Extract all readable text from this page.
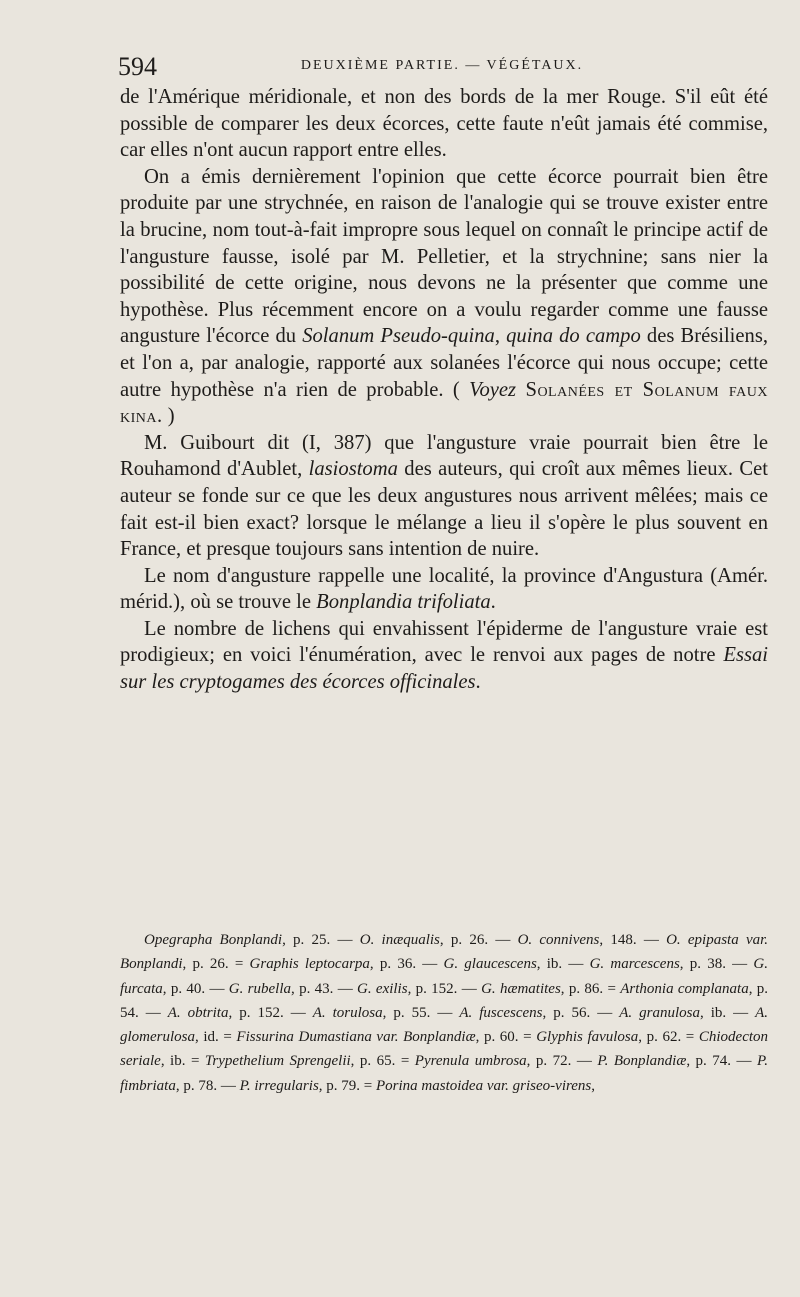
594	DEUXIÈME PARTIE. — VÉGÉTAUX.

de l'Amérique méridionale, et non des bords de la mer Rouge. S'il eût été possible de comparer les deux écorces, cette faute n'eût jamais été commise, car elles n'ont aucun rapport entre elles.

On a émis dernièrement l'opinion que cette écorce pourrait bien être produite par une strychnée, en raison de l'analogie qui se trouve exister entre la brucine, nom tout-à-fait impropre sous lequel on connaît le principe actif de l'angusture fausse, isolé par M. Pelletier, et la strychnine; sans nier la possibilité de cette origine, nous devons ne la présenter que comme une hypothèse. Plus récemment encore on a voulu regarder comme une fausse angusture l'écorce du Solanum Pseudo-quina, quina do campo des Brésiliens, et l'on a, par analogie, rapporté aux solanées l'écorce qui nous occupe; cette autre hypothèse n'a rien de probable. ( Voyez Solanées et Solanum faux kina. )

M. Guibourt dit (I, 387) que l'angusture vraie pourrait bien être le Rouhamond d'Aublet, lasiostoma des auteurs, qui croît aux mêmes lieux. Cet auteur se fonde sur ce que les deux angustures nous arrivent mêlées; mais ce fait est-il bien exact? lorsque le mélange a lieu il s'opère le plus souvent en France, et presque toujours sans intention de nuire.

Le nom d'angusture rappelle une localité, la province d'Angustura (Amér. mérid.), où se trouve le Bonplandia trifoliata.

Le nombre de lichens qui envahissent l'épiderme de l'angusture vraie est prodigieux; en voici l'énumération, avec le renvoi aux pages de notre Essai sur les cryptogames des écorces officinales.

Opegrapha Bonplandi, p. 25. — O. inæqualis, p. 26. — O. connivens, 148. — O. epipasta var. Bonplandi, p. 26. = Graphis leptocarpa, p. 36. — G. glaucescens, ib. — G. marcescens, p. 38. — G. furcata, p. 40. — G. rubella, p. 43. — G. exilis, p. 152. — G. hæmatites, p. 86. = Arthonia complanata, p. 54. — A. obtrita, p. 152. — A. torulosa, p. 55. — A. fuscescens, p. 56. — A. granulosa, ib. — A. glomerulosa, id. = Fissurina Dumastiana var. Bonplandiæ, p. 60. = Glyphis favulosa, p. 62. = Chiodecton seriale, ib. = Trypethelium Sprengelii, p. 65. = Pyrenula umbrosa, p. 72. — P. Bonplandiæ, p. 74. — P. fimbriata, p. 78. — P. irregularis, p. 79. = Porina mastoidea var. griseo-virens,
